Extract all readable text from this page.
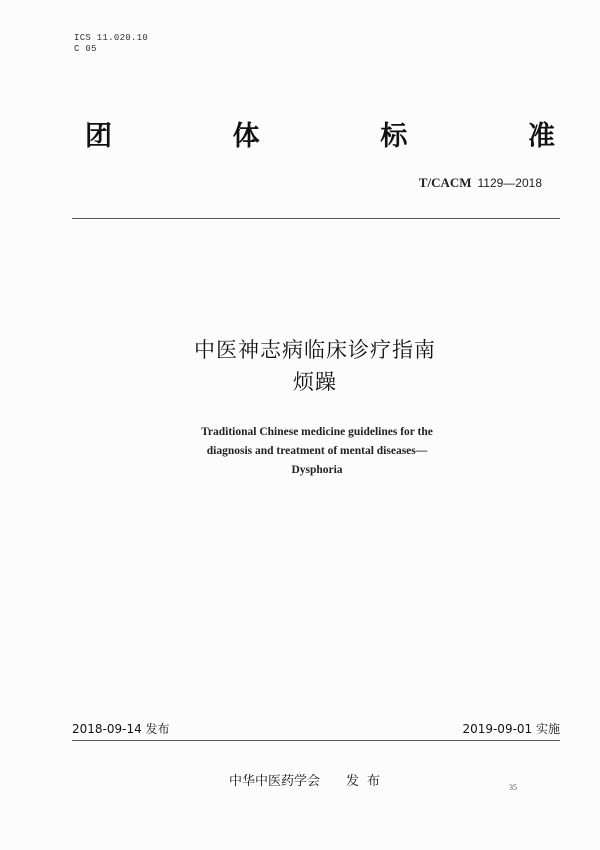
ICS 11.020.10
C 05
团	体	标	准
T/CACM 1129—2018
中医神志病临床诊疗指南
烦躁
Traditional Chinese medicine guidelines for the
diagnosis and treatment of mental diseases—
Dysphoria
2018-09-14 发布	2019-09-01 实施
中华中医药学会 发布	35
